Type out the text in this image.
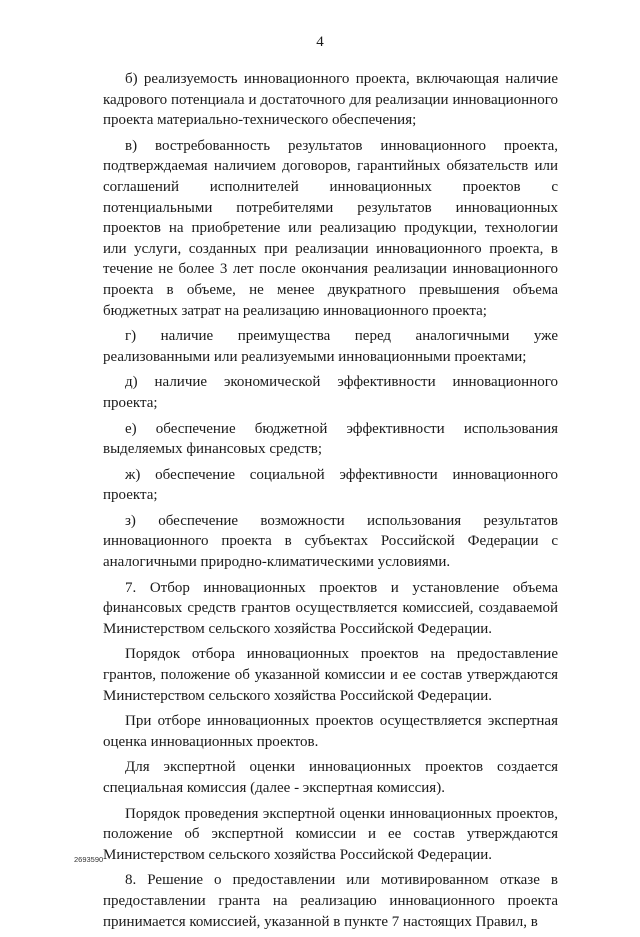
4

б) реализуемость инновационного проекта, включающая наличие кадрового потенциала и достаточного для реализации инновационного проекта материально-технического обеспечения;

в) востребованность результатов инновационного проекта, подтверждаемая наличием договоров, гарантийных обязательств или соглашений исполнителей инновационных проектов с потенциальными потребителями результатов инновационных проектов на приобретение или реализацию продукции, технологии или услуги, созданных при реализации инновационного проекта, в течение не более 3 лет после окончания реализации инновационного проекта в объеме, не менее двукратного превышения объема бюджетных затрат на реализацию инновационного проекта;

г) наличие преимущества перед аналогичными уже реализованными или реализуемыми инновационными проектами;

д) наличие экономической эффективности инновационного проекта;

е) обеспечение бюджетной эффективности использования выделяемых финансовых средств;

ж) обеспечение социальной эффективности инновационного проекта;

з) обеспечение возможности использования результатов инновационного проекта в субъектах Российской Федерации с аналогичными природно-климатическими условиями.

7. Отбор инновационных проектов и установление объема финансовых средств грантов осуществляется комиссией, создаваемой Министерством сельского хозяйства Российской Федерации.

Порядок отбора инновационных проектов на предоставление грантов, положение об указанной комиссии и ее состав утверждаются Министерством сельского хозяйства Российской Федерации.

При отборе инновационных проектов осуществляется экспертная оценка инновационных проектов.

Для экспертной оценки инновационных проектов создается специальная комиссия (далее - экспертная комиссия).

Порядок проведения экспертной оценки инновационных проектов, положение об экспертной комиссии и ее состав утверждаются Министерством сельского хозяйства Российской Федерации.

8. Решение о предоставлении или мотивированном отказе в предоставлении гранта на реализацию инновационного проекта принимается комиссией, указанной в пункте 7 настоящих Правил, в

2693590
